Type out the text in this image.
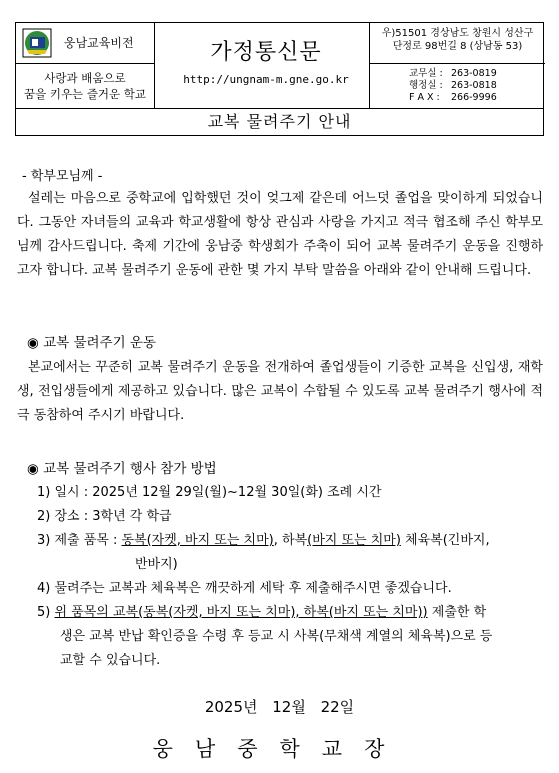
웅남교육비전
사랑과 배움으로
꿈을 키우는 즐거운 학교
가정통신문
http://ungnam-m.gne.go.kr
우)51501 경상남도 창원시 성산구
단정로 98번길 8 (상남동 53)
교무실 : 263-0819
행정실 : 263-0818
F A X : 266-9996
교복 물려주기 안내
- 학부모님께 -
설레는 마음으로 중학교에 입학했던 것이 엊그제 같은데 어느덧 졸업을 맞이하게 되었습니다. 그동안 자녀들의 교육과 학교생활에 항상 관심과 사랑을 가지고 적극 협조해 주신 학부모님께 감사드립니다. 축제 기간에 웅남중 학생회가 주축이 되어 교복 물려주기 운동을 진행하고자 합니다. 교복 물려주기 운동에 관한 몇 가지 부탁 말씀을 아래와 같이 안내해 드립니다.
◉ 교복 물려주기 운동
본교에서는 꾸준히 교복 물려주기 운동을 전개하여 졸업생들이 기증한 교복을 신입생, 재학생, 전입생들에게 제공하고 있습니다. 많은 교복이 수합될 수 있도록 교복 물려주기 행사에 적극 동참하여 주시기 바랍니다.
◉ 교복 물려주기 행사 참가 방법
1) 일시 : 2025년 12월 29일(월)~12월 30일(화) 조례 시간
2) 장소 : 3학년 각 학급
3) 제출 품목 : 동복(자켓, 바지 또는 치마), 하복(바지 또는 치마) 체육복(긴바지,
반바지)
4) 물려주는 교복과 체육복은 깨끗하게 세탁 후 제출해주시면 좋겠습니다.
5) 위 품목의 교복(동복(자켓, 바지 또는 치마), 하복(바지 또는 치마)) 제출한 학
생은 교복 반납 확인증을 수령 후 등교 시 사복(무채색 계열의 체육복)으로 등
교할 수 있습니다.
2025년 12월 22일
웅남중학교장
